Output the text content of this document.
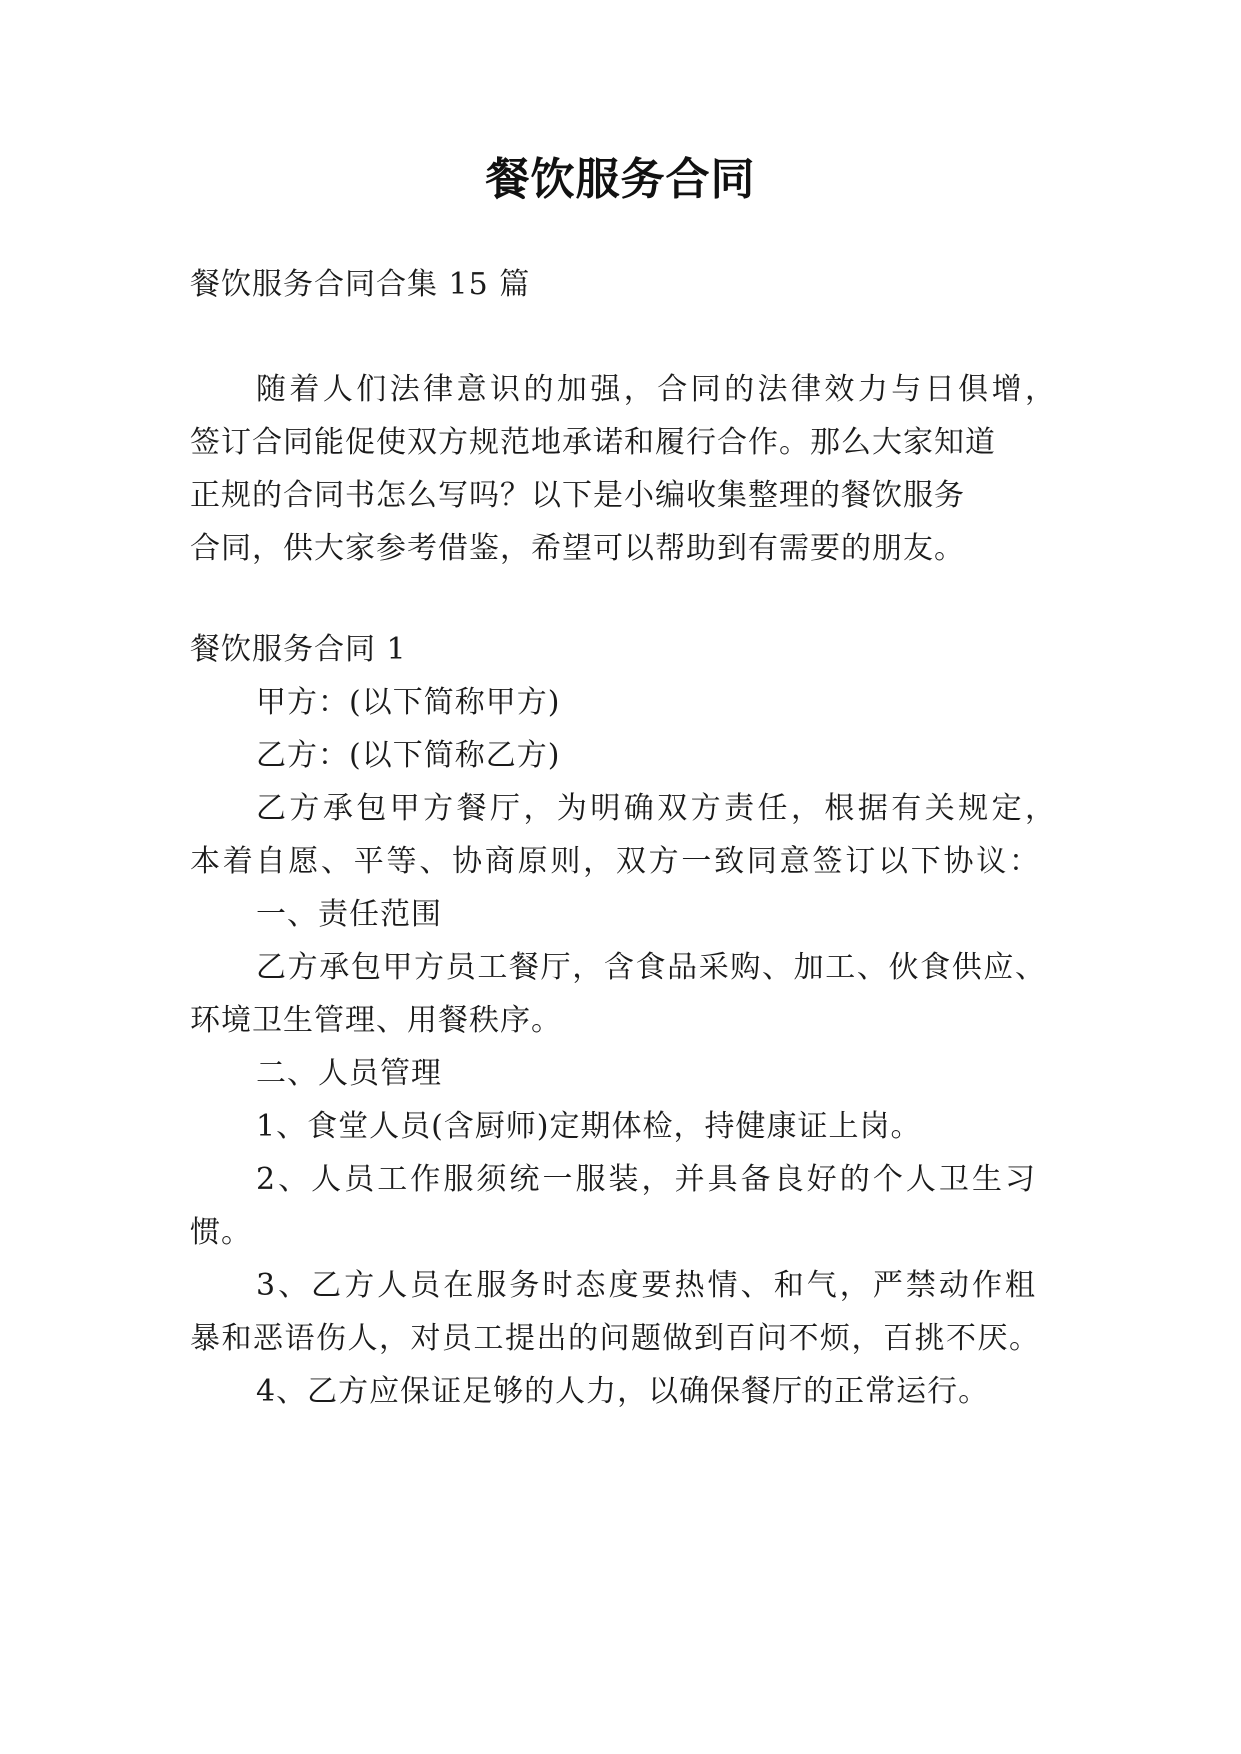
餐饮服务合同

餐饮服务合同合集 15 篇

随着人们法律意识的加强，合同的法律效力与日俱增，

签订合同能促使双方规范地承诺和履行合作。那么大家知道

正规的合同书怎么写吗？以下是小编收集整理的餐饮服务

合同，供大家参考借鉴，希望可以帮助到有需要的朋友。

餐饮服务合同 1

甲方：(以下简称甲方)

乙方：(以下简称乙方)

乙方承包甲方餐厅，为明确双方责任，根据有关规定，

本着自愿、平等、协商原则，双方一致同意签订以下协议：

一、责任范围

乙方承包甲方员工餐厅，含食品采购、加工、伙食供应、

环境卫生管理、用餐秩序。

二、人员管理

1、食堂人员(含厨师)定期体检，持健康证上岗。

2、人员工作服须统一服装，并具备良好的个人卫生习

惯。

3、乙方人员在服务时态度要热情、和气，严禁动作粗

暴和恶语伤人，对员工提出的问题做到百问不烦，百挑不厌。

4、乙方应保证足够的人力，以确保餐厅的正常运行。
